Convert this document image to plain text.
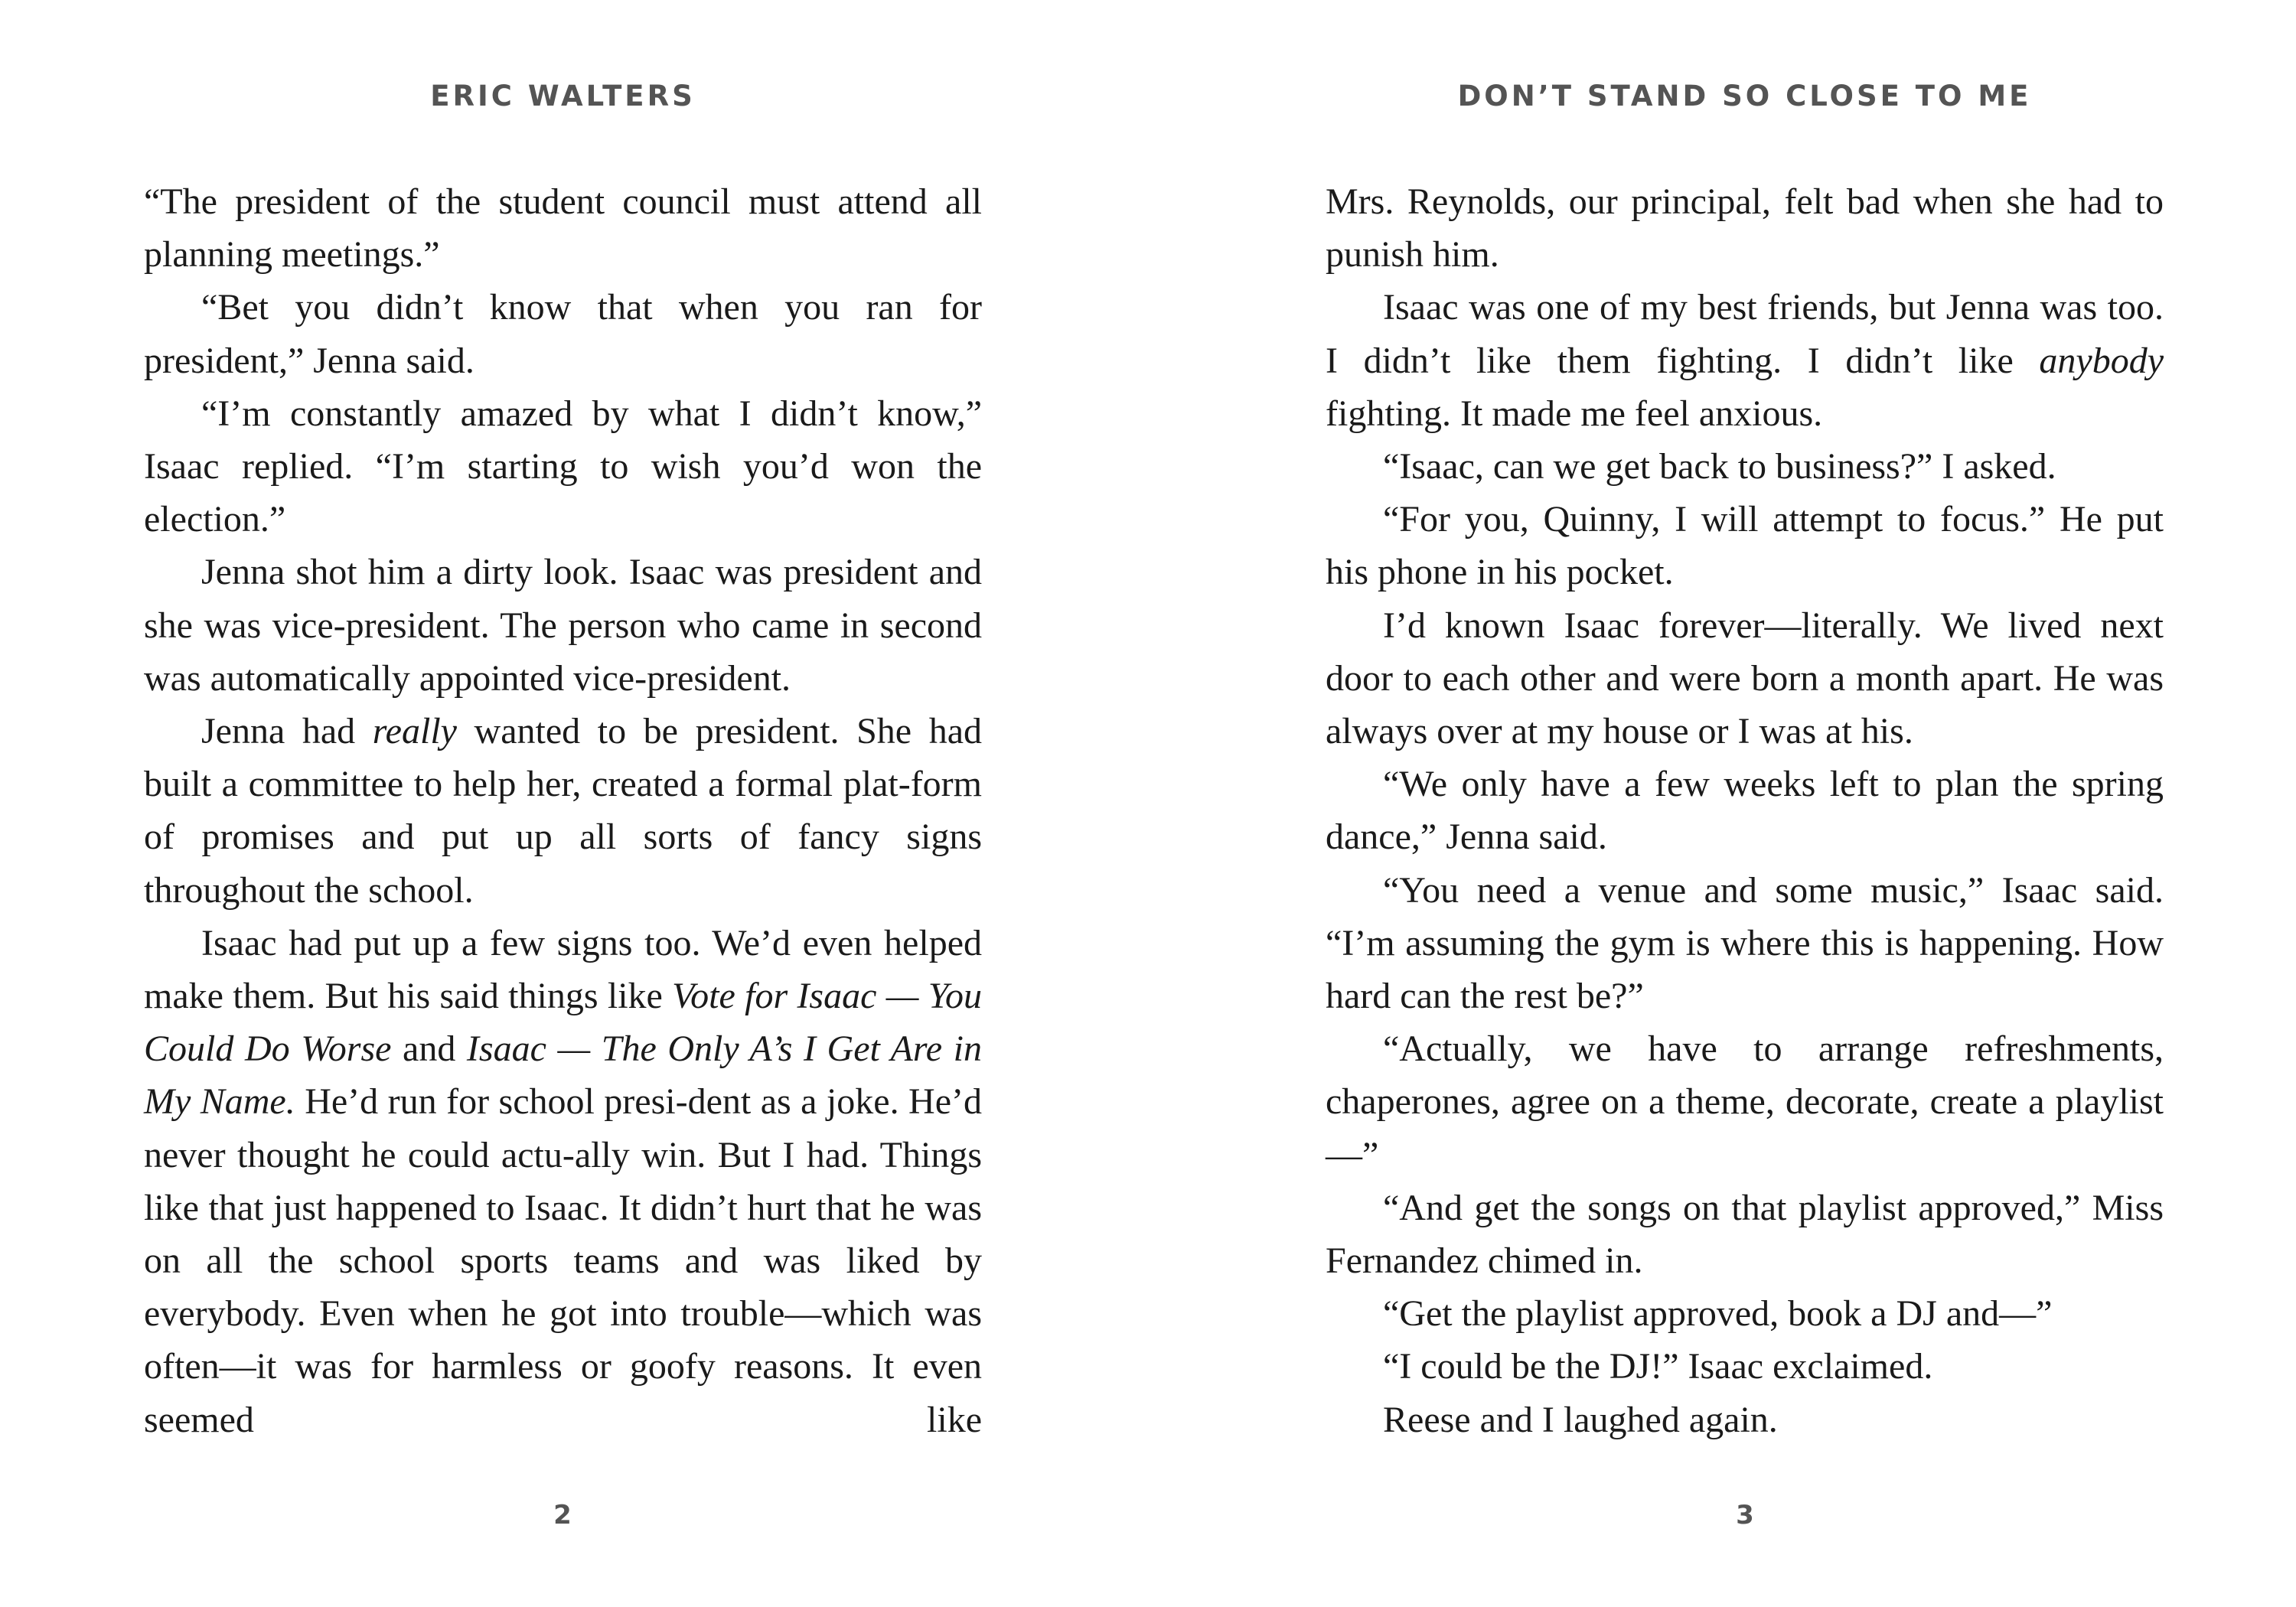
ERIC WALTERS

“The president of the student council must attend all planning meetings.”

“Bet you didn’t know that when you ran for president,” Jenna said.

“I’m constantly amazed by what I didn’t know,” Isaac replied. “I’m starting to wish you’d won the election.”

Jenna shot him a dirty look. Isaac was president and she was vice-president. The person who came in second was automatically appointed vice-president.

Jenna had really wanted to be president. She had built a committee to help her, created a formal plat-form of promises and put up all sorts of fancy signs throughout the school.

Isaac had put up a few signs too. We’d even helped make them. But his said things like Vote for Isaac — You Could Do Worse and Isaac — The Only A’s I Get Are in My Name. He’d run for school presi-dent as a joke. He’d never thought he could actu-ally win. But I had. Things like that just happened to Isaac. It didn’t hurt that he was on all the school sports teams and was liked by everybody. Even when he got into trouble—which was often—it was for harmless or goofy reasons. It even seemed like

2
DON’T STAND SO CLOSE TO ME

Mrs. Reynolds, our principal, felt bad when she had to punish him.

Isaac was one of my best friends, but Jenna was too. I didn’t like them fighting. I didn’t like anybody fighting. It made me feel anxious.

“Isaac, can we get back to business?” I asked.

“For you, Quinny, I will attempt to focus.” He put his phone in his pocket.

I’d known Isaac forever—literally. We lived next door to each other and were born a month apart. He was always over at my house or I was at his.

“We only have a few weeks left to plan the spring dance,” Jenna said.

“You need a venue and some music,” Isaac said. “I’m assuming the gym is where this is happening. How hard can the rest be?”

“Actually, we have to arrange refreshments, chaperones, agree on a theme, decorate, create a playlist—”

“And get the songs on that playlist approved,” Miss Fernandez chimed in.

“Get the playlist approved, book a DJ and—”

“I could be the DJ!” Isaac exclaimed.

Reese and I laughed again.

3
